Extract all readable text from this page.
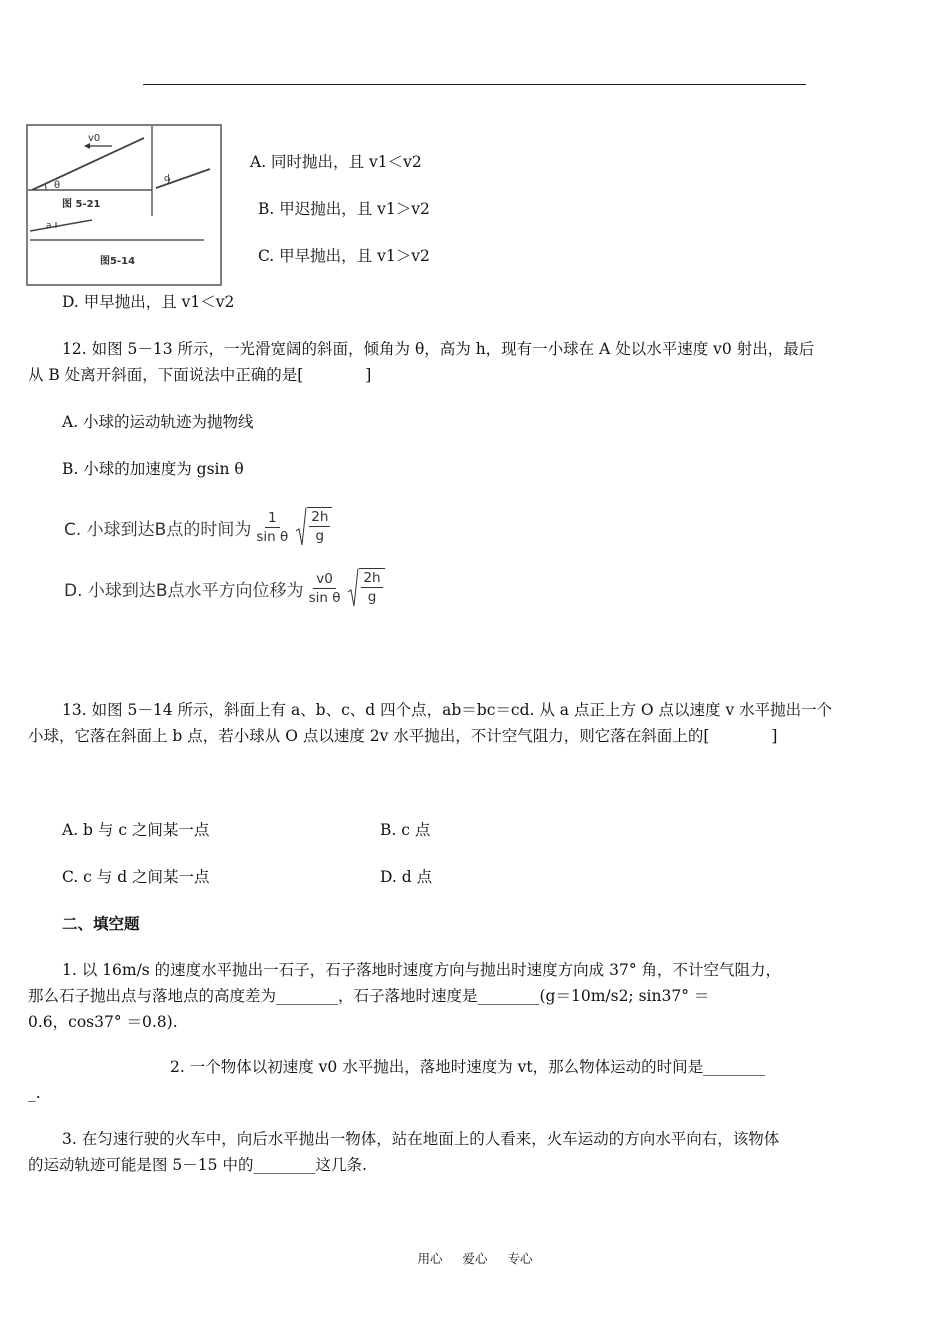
v0
θ
图 5-21
d
a
图5-14
A. 同时抛出，且 v1＜v2
B. 甲迟抛出，且 v1＞v2
C. 甲早抛出，且 v1＞v2
D. 甲早抛出，且 v1＜v2
12. 如图 5－13 所示，一光滑宽阔的斜面，倾角为 θ，高为 h，现有一小球在 A 处以水平速度 v0 射出，最后
从 B 处离开斜面，下面说法中正确的是[　　　　]
A. 小球的运动轨迹为抛物线
B. 小球的加速度为 gsin θ
C. 小球到达B点的时间为 $\frac{1}{\text{sin θ}} \frac{2h}{g}$
D. 小球到达B点水平方向位移为 $\frac{v0}{\text{sin θ}} \frac{2h}{g}$
13. 如图 5－14 所示，斜面上有 a、b、c、d 四个点，ab＝bc＝cd. 从 a 点正上方 O 点以速度 v 水平抛出一个
小球，它落在斜面上 b 点，若小球从 O 点以速度 2v 水平抛出，不计空气阻力，则它落在斜面上的[　　　　]
A. b 与 c 之间某一点	B. c 点
C. c 与 d 之间某一点	D. d 点
二、填空题
1. 以 16m/s 的速度水平抛出一石子，石子落地时速度方向与抛出时速度方向成 37° 角，不计空气阻力，
那么石子抛出点与落地点的高度差为________，石子落地时速度是________(g＝10m/s2; sin37° ＝
0.6，cos37° ＝0.8).
2. 一个物体以初速度 v0 水平抛出，落地时速度为 vt，那么物体运动的时间是________
_.
3. 在匀速行驶的火车中，向后水平抛出一物体，站在地面上的人看来，火车运动的方向水平向右，该物体
的运动轨迹可能是图 5－15 中的________这几条.
用心 爱心 专心
